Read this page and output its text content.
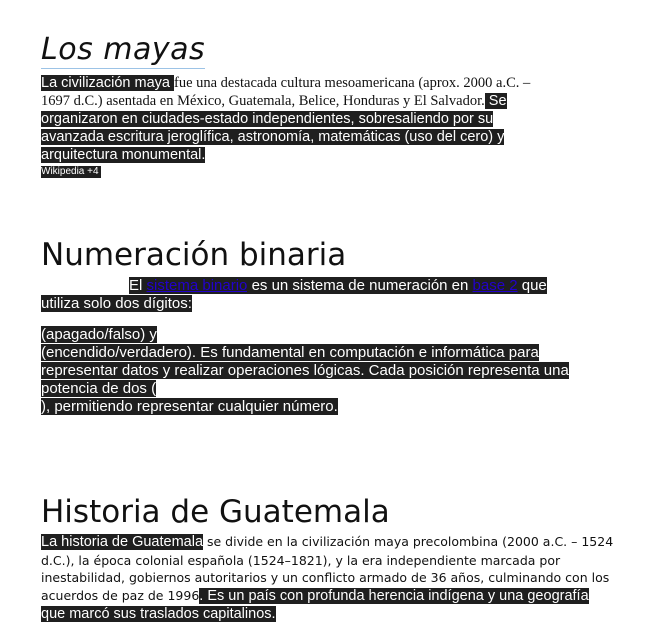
Los mayas
La civilización maya fue una destacada cultura mesoamericana (aprox. 2000 a.C. –
1697 d.C.) asentada en México, Guatemala, Belice, Honduras y El Salvador. Se
organizaron en ciudades-estado independientes, sobresaliendo por su
avanzada escritura jeroglífica, astronomía, matemáticas (uso del cero) y
arquitectura monumental.
Wikipedia +4
Numeración binaria
El sistema binario es un sistema de numeración en base 2 que
utiliza solo dos dígitos:
(apagado/falso) y
(encendido/verdadero). Es fundamental en computación e informática para
representar datos y realizar operaciones lógicas. Cada posición representa una
potencia de dos (
), permitiendo representar cualquier número.
Historia de Guatemala
La historia de Guatemala se divide en la civilización maya precolombina (2000 a.C. – 1524
d.C.), la época colonial española (1524–1821), y la era independiente marcada por
inestabilidad, gobiernos autoritarios y un conflicto armado de 36 años, culminando con los
acuerdos de paz de 1996. Es un país con profunda herencia indígena y una geografía
que marcó sus traslados capitalinos.
